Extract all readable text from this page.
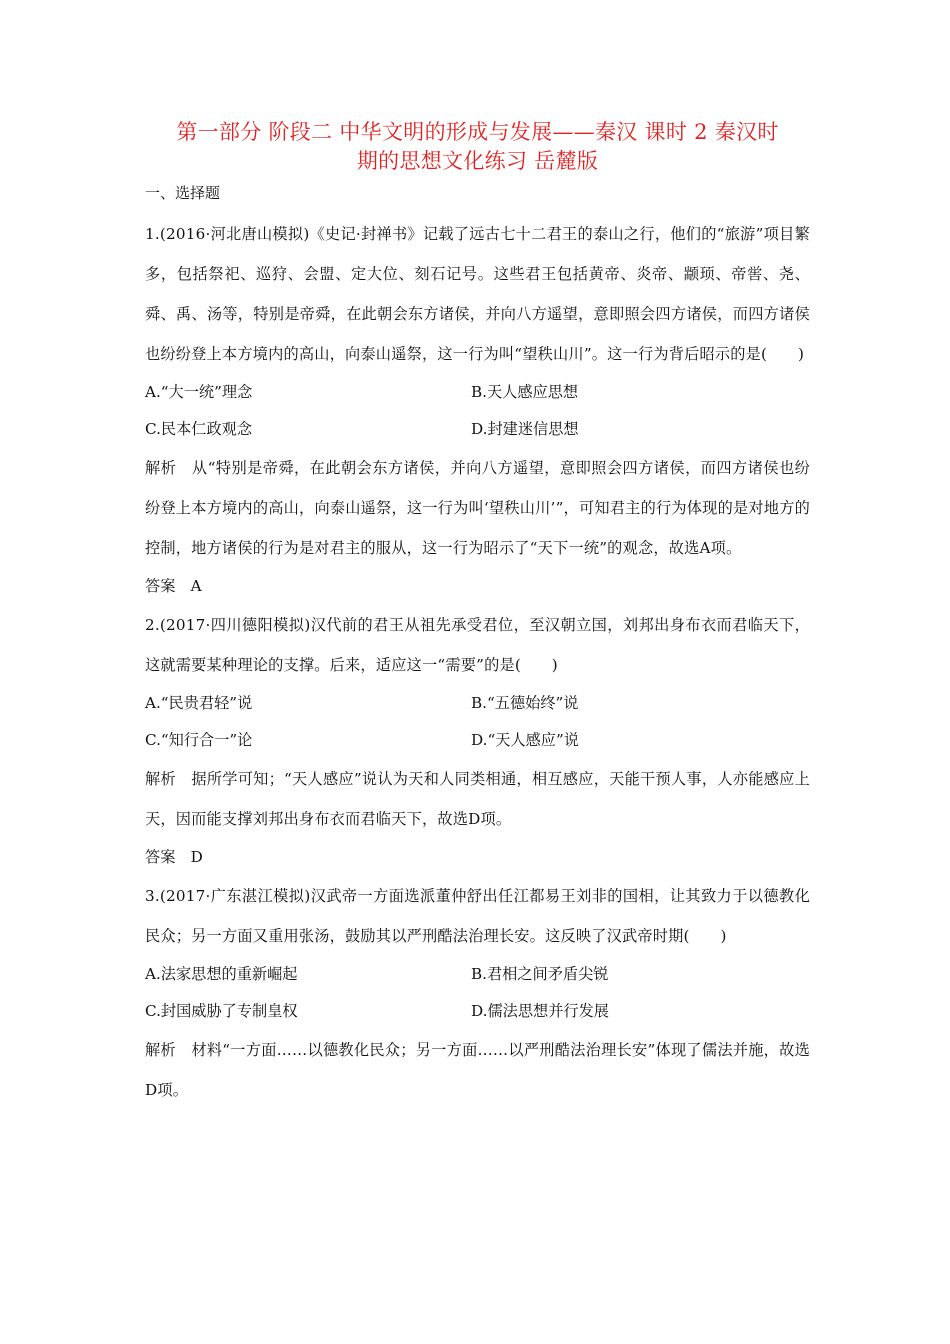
第一部分 阶段二 中华文明的形成与发展——秦汉 课时 2 秦汉时
期的思想文化练习 岳麓版
一、选择题

1.(2016·河北唐山模拟)《史记·封禅书》记载了远古七十二君王的泰山之行，他们的“旅游”项目繁多，包括祭祀、巡狩、会盟、定大位、刻石记号。这些君王包括黄帝、炎帝、颛顼、帝喾、尧、舜、禹、汤等，特别是帝舜，在此朝会东方诸侯，并向八方遥望，意即照会四方诸侯，而四方诸侯也纷纷登上本方境内的高山，向泰山遥祭，这一行为叫“望秩山川”。这一行为背后昭示的是(　　)

A.“大一统”理念	B.天人感应思想

C.民本仁政观念	D.封建迷信思想

解析　从“特别是帝舜，在此朝会东方诸侯，并向八方遥望，意即照会四方诸侯，而四方诸侯也纷纷登上本方境内的高山，向泰山遥祭，这一行为叫‘望秩山川’”，可知君主的行为体现的是对地方的控制，地方诸侯的行为是对君主的服从，这一行为昭示了“天下一统”的观念，故选A项。

答案　A

2.(2017·四川德阳模拟)汉代前的君王从祖先承受君位，至汉朝立国，刘邦出身布衣而君临天下，这就需要某种理论的支撑。后来，适应这一“需要”的是(　　)

A.“民贵君轻”说	B.“五德始终”说

C.“知行合一”论	D.“天人感应”说

解析　据所学可知；“天人感应”说认为天和人同类相通，相互感应，天能干预人事，人亦能感应上天，因而能支撑刘邦出身布衣而君临天下，故选D项。

答案　D

3.(2017·广东湛江模拟)汉武帝一方面选派董仲舒出任江都易王刘非的国相，让其致力于以德教化民众；另一方面又重用张汤，鼓励其以严刑酷法治理长安。这反映了汉武帝时期(　　)

A.法家思想的重新崛起	B.君相之间矛盾尖锐

C.封国威胁了专制皇权	D.儒法思想并行发展

解析　材料“一方面……以德教化民众；另一方面……以严刑酷法治理长安”体现了儒法并施，故选D项。
